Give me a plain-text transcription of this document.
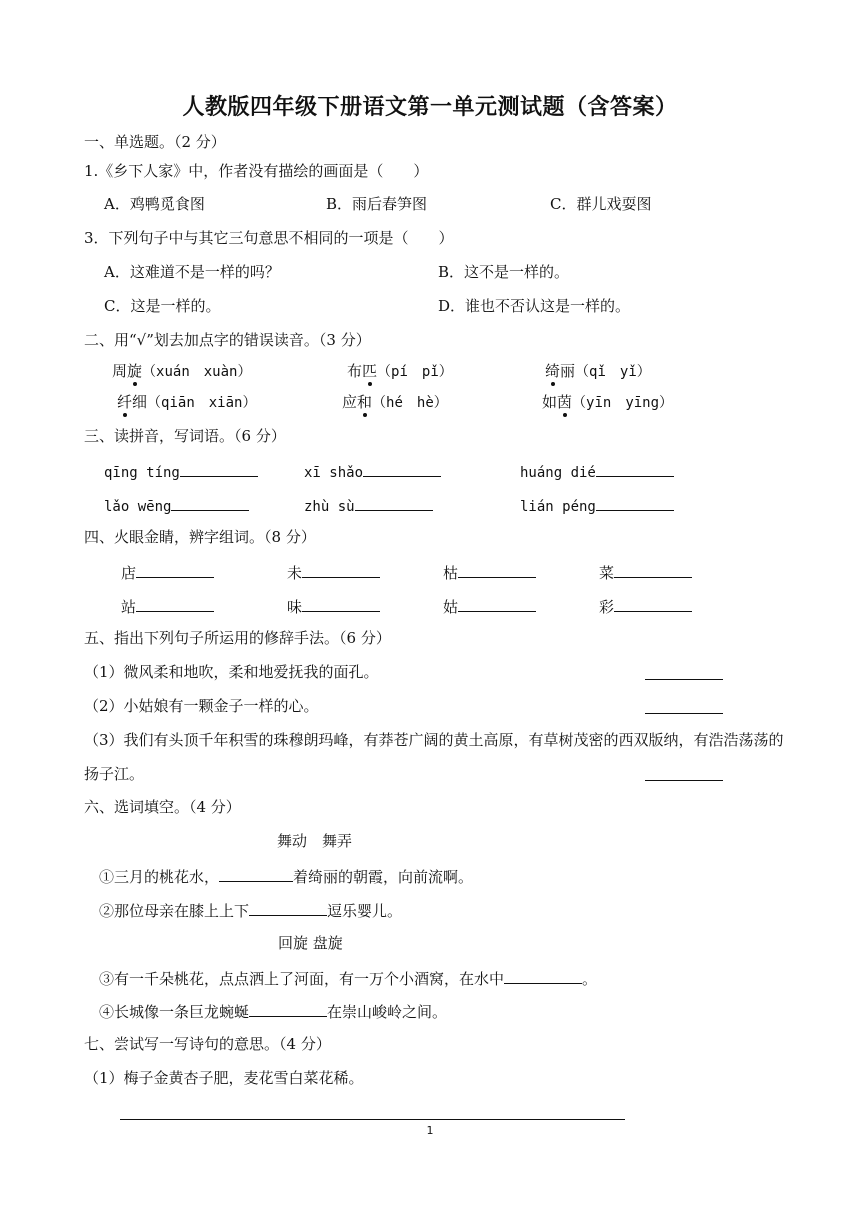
人教版四年级下册语文第一单元测试题（含答案）
一、单选题。（2 分）
1.《乡下人家》中，作者没有描绘的画面是（　　）
A．鸡鸭觅食图	B．雨后春笋图	C．群儿戏耍图
3．下列句子中与其它三句意思不相同的一项是（　　）
A．这难道不是一样的吗？	B．这不是一样的。
C．这是一样的。	D．谁也不否认这是一样的。
二、用“√”划去加点字的错误读音。（3 分）
周旋（xuán　xuàn）	布匹（pí　pǐ）	绮丽（qǐ　yǐ）
纤细（qiān　xiān）	应和（hé　hè）	如茵（yīn　yīng）
三、读拼音，写词语。（6 分）
qīng tíng	xī shǎo	huáng dié
lǎo wēng	zhù sù	lián péng
四、火眼金睛，辨字组词。（8 分）
店	未	枯	菜
站	味	姑	彩
五、指出下列句子所运用的修辞手法。（6 分）
（1）微风柔和地吹，柔和地爱抚我的面孔。
（2）小姑娘有一颗金子一样的心。
（3）我们有头顶千年积雪的珠穆朗玛峰，有莽苍广阔的黄土高原，有草树茂密的西双版纳，有浩浩荡荡的扬子江。
六、选词填空。（4 分）
舞动　舞弄
①三月的桃花水，	着绮丽的朝霞，向前流啊。
②那位母亲在膝上上下	逗乐婴儿。
回旋 盘旋
③有一千朵桃花，点点洒上了河面，有一万个小酒窝，在水中	。
④长城像一条巨龙蜿蜒	在崇山峻岭之间。
七、尝试写一写诗句的意思。（4 分）
（1）梅子金黄杏子肥，麦花雪白菜花稀。
1
